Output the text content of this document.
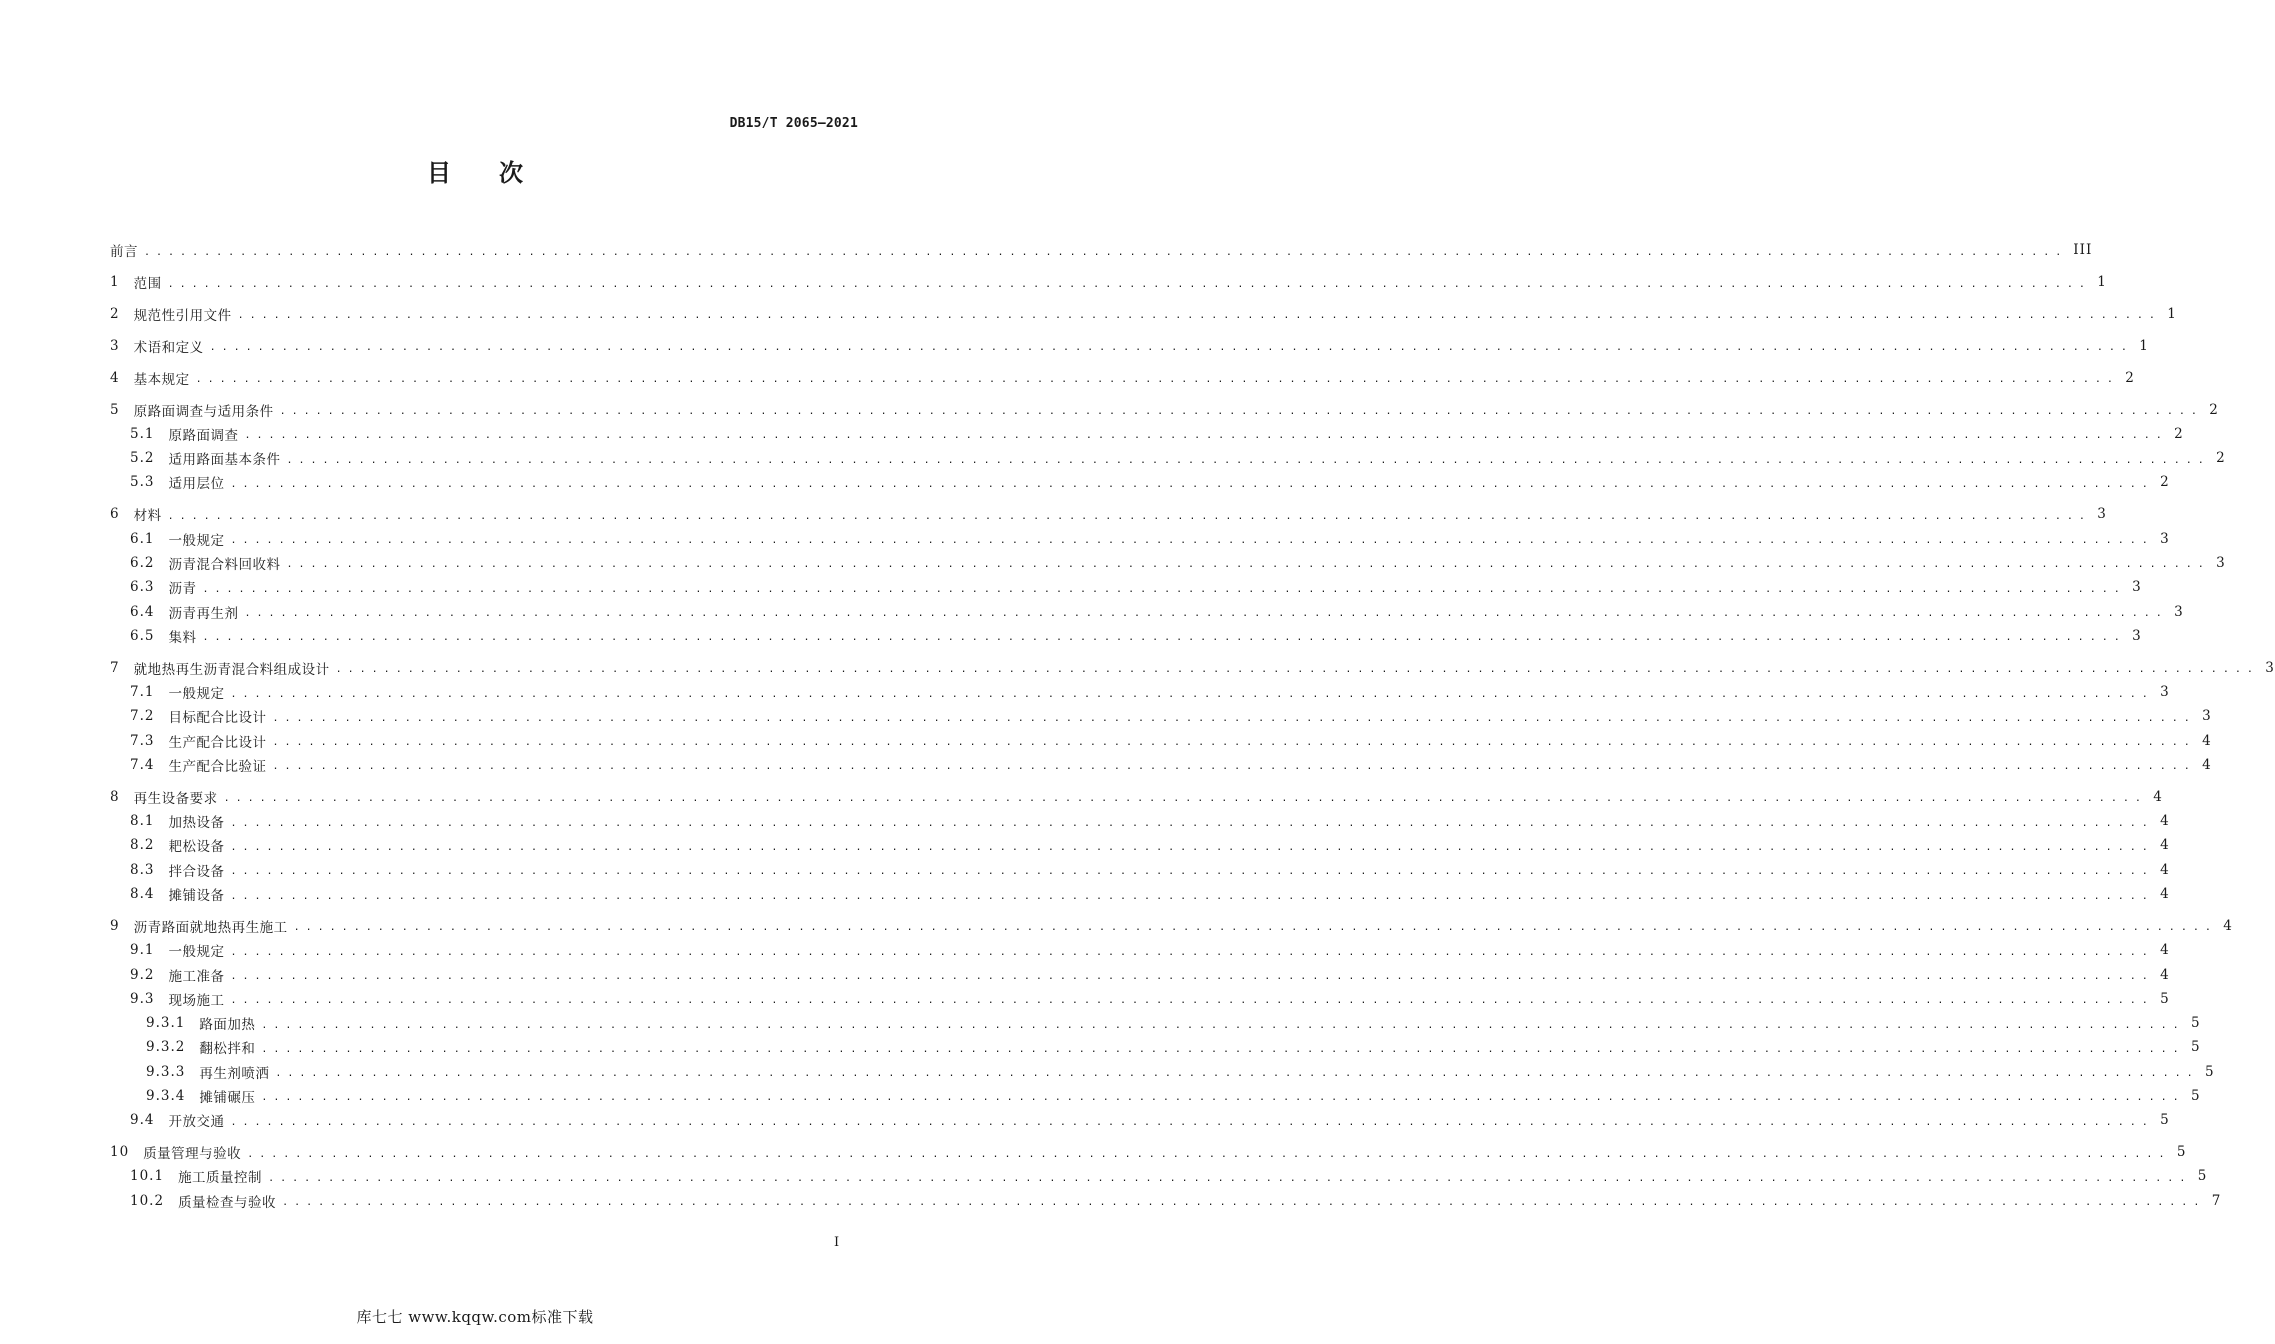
DB15/T 2065—2021
目次
前言 ................................................................................................................................................................ III
1	范围 ................................................................................................................................................................ 1
2	规范性引用文件 ................................................................................................................................................................ 1
3	术语和定义 ................................................................................................................................................................ 1
4	基本规定 ................................................................................................................................................................ 2
5	原路面调查与适用条件 ................................................................................................................................................................ 2
5.1	原路面调查 ................................................................................................................................................................ 2
5.2	适用路面基本条件 ................................................................................................................................................................ 2
5.3	适用层位 ................................................................................................................................................................ 2
6	材料 ................................................................................................................................................................ 3
6.1	一般规定 ................................................................................................................................................................ 3
6.2	沥青混合料回收料 ................................................................................................................................................................ 3
6.3	沥青 ................................................................................................................................................................ 3
6.4	沥青再生剂 ................................................................................................................................................................ 3
6.5	集料 ................................................................................................................................................................ 3
7	就地热再生沥青混合料组成设计 ................................................................................................................................................................ 3
7.1	一般规定 ................................................................................................................................................................ 3
7.2	目标配合比设计 ................................................................................................................................................................ 3
7.3	生产配合比设计 ................................................................................................................................................................ 4
7.4	生产配合比验证 ................................................................................................................................................................ 4
8	再生设备要求 ................................................................................................................................................................ 4
8.1	加热设备 ................................................................................................................................................................ 4
8.2	耙松设备 ................................................................................................................................................................ 4
8.3	拌合设备 ................................................................................................................................................................ 4
8.4	摊铺设备 ................................................................................................................................................................ 4
9	沥青路面就地热再生施工 ................................................................................................................................................................ 4
9.1	一般规定 ................................................................................................................................................................ 4
9.2	施工准备 ................................................................................................................................................................ 4
9.3	现场施工 ................................................................................................................................................................ 5
9.3.1	路面加热 ................................................................................................................................................................ 5
9.3.2	翻松拌和 ................................................................................................................................................................ 5
9.3.3	再生剂喷洒 ................................................................................................................................................................ 5
9.3.4	摊铺碾压 ................................................................................................................................................................ 5
9.4	开放交通 ................................................................................................................................................................ 5
10	质量管理与验收 ................................................................................................................................................................ 5
10.1	施工质量控制 ................................................................................................................................................................ 5
10.2	质量检查与验收 ................................................................................................................................................................ 7
I
库七七 www.kqqw.com标准下载
